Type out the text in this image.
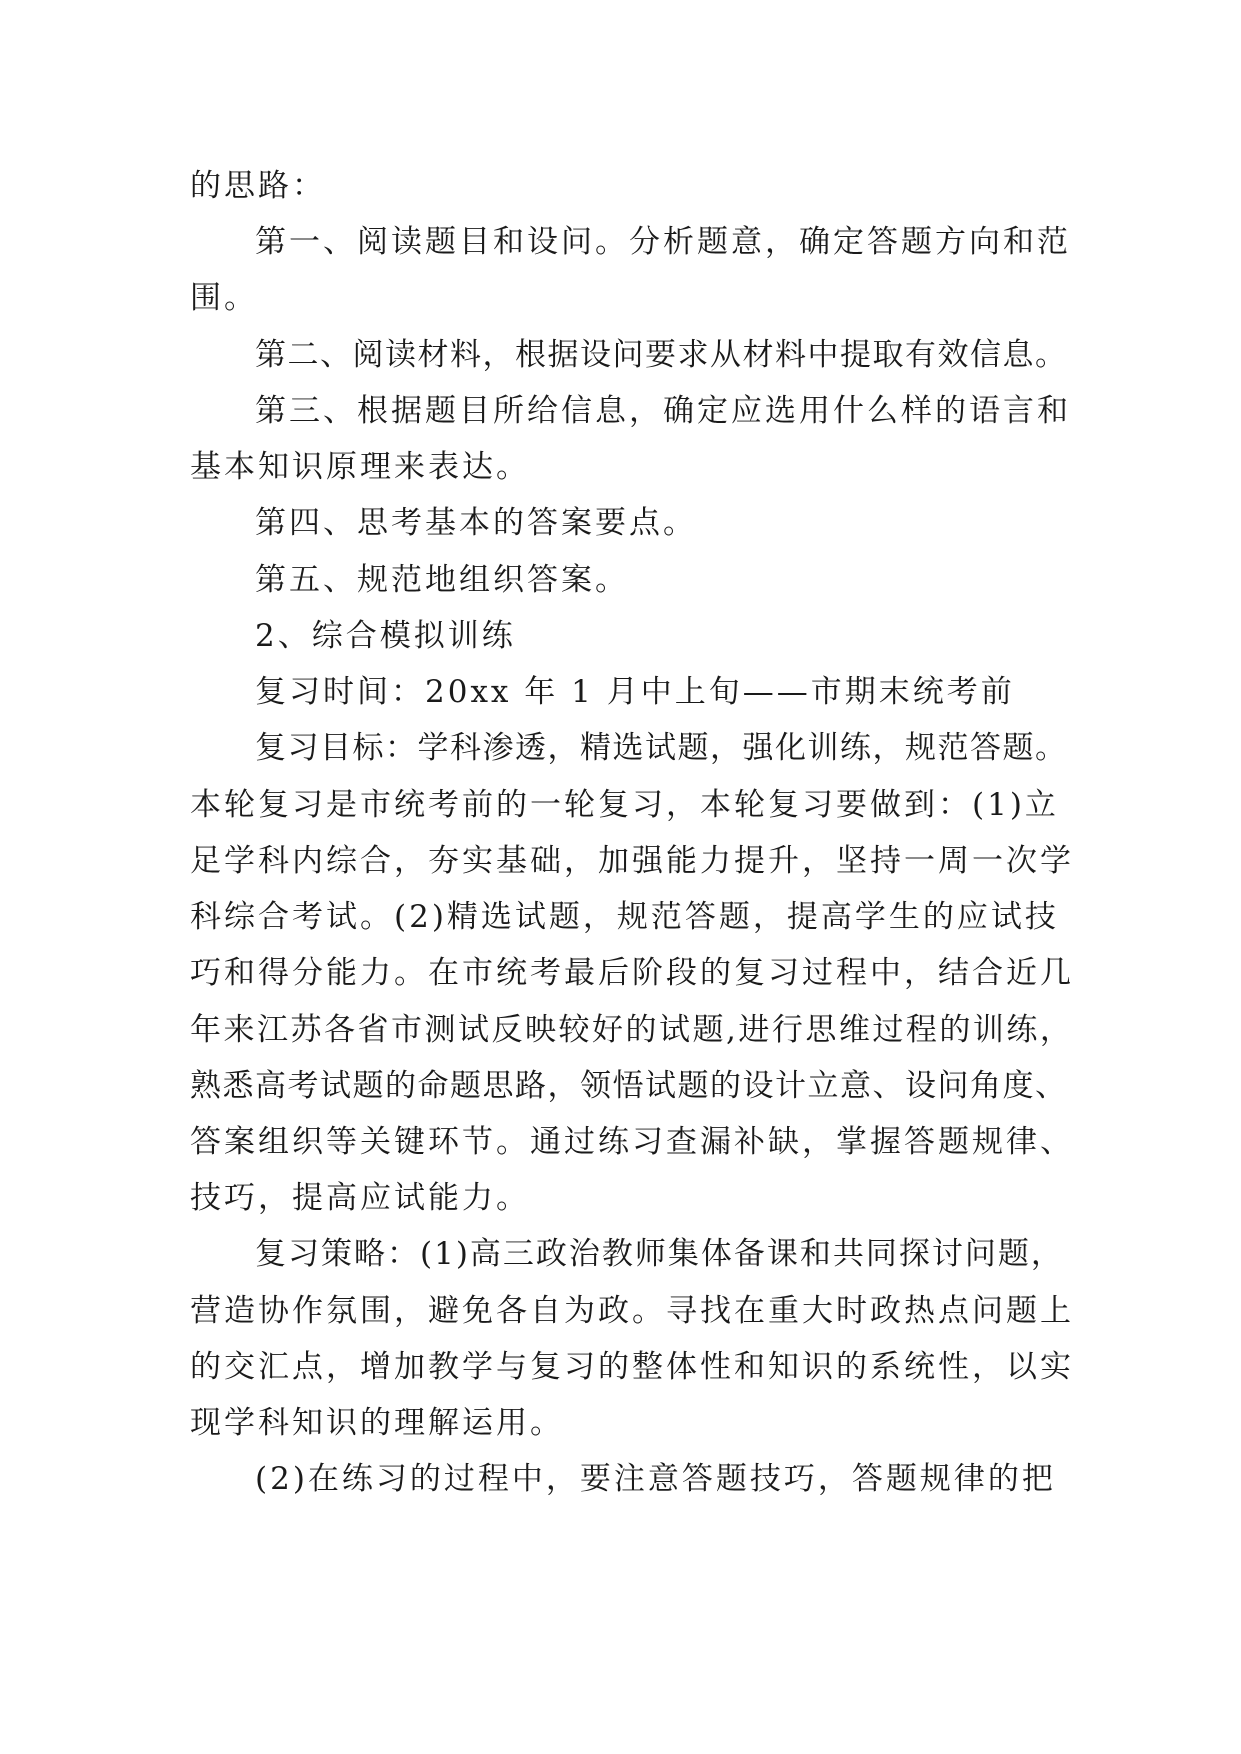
的思路：
第一、阅读题目和设问。分析题意，确定答题方向和范
围。
第二、阅读材料，根据设问要求从材料中提取有效信息。
第三、根据题目所给信息，确定应选用什么样的语言和
基本知识原理来表达。
第四、思考基本的答案要点。
第五、规范地组织答案。
2、综合模拟训练
复习时间：20xx 年 1 月中上旬——市期末统考前
复习目标：学科渗透，精选试题，强化训练，规范答题。
本轮复习是市统考前的一轮复习，本轮复习要做到：(1)立
足学科内综合，夯实基础，加强能力提升，坚持一周一次学
科综合考试。(2)精选试题，规范答题，提高学生的应试技
巧和得分能力。在市统考最后阶段的复习过程中，结合近几
年来江苏各省市测试反映较好的试题,进行思维过程的训练，
熟悉高考试题的命题思路，领悟试题的设计立意、设问角度、
答案组织等关键环节。通过练习查漏补缺，掌握答题规律、
技巧，提高应试能力。
复习策略：(1)高三政治教师集体备课和共同探讨问题，
营造协作氛围，避免各自为政。寻找在重大时政热点问题上
的交汇点，增加教学与复习的整体性和知识的系统性，以实
现学科知识的理解运用。
(2)在练习的过程中，要注意答题技巧，答题规律的把
